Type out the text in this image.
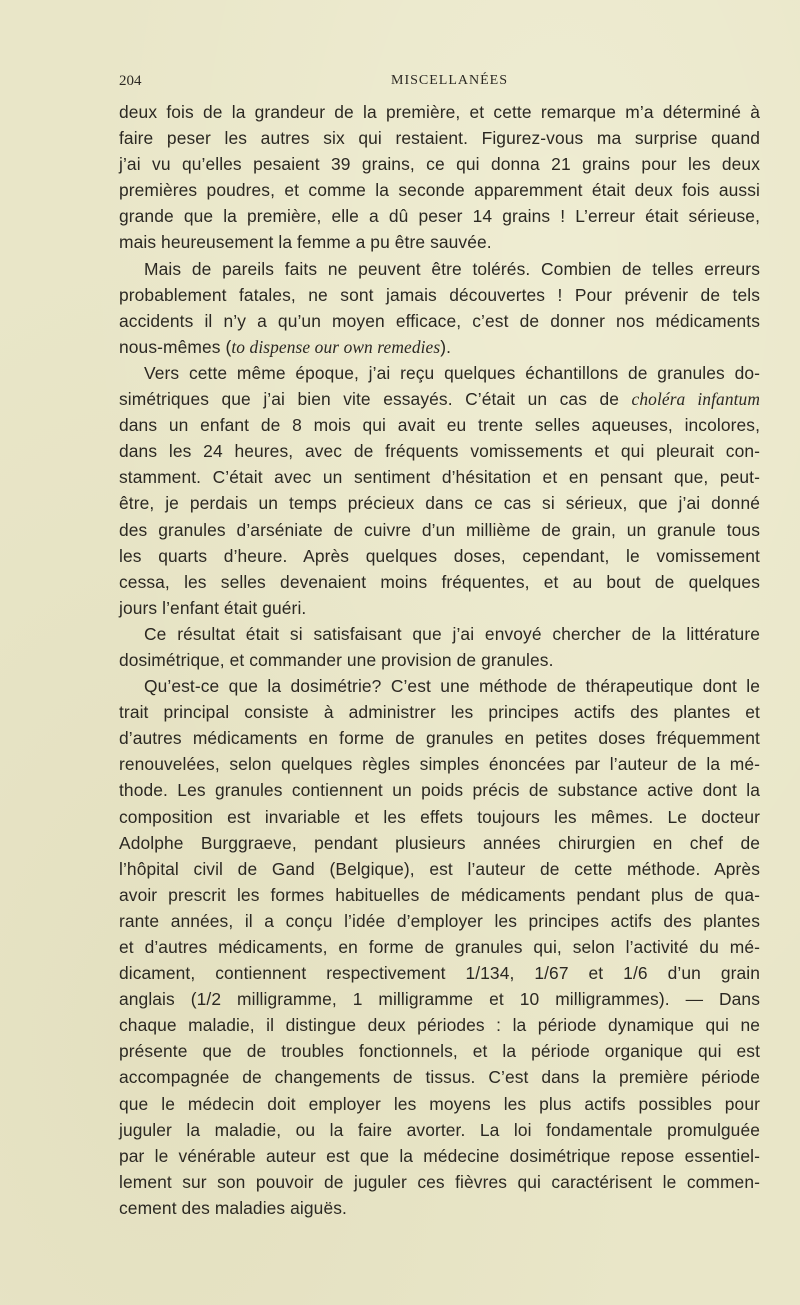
204	MISCELLANÉES
deux fois de la grandeur de la première, et cette remarque m’a déterminé à
faire peser les autres six qui restaient. Figurez-vous ma surprise quand
j’ai vu qu’elles pesaient 39 grains, ce qui donna 21 grains pour les deux
premières poudres, et comme la seconde apparemment était deux fois aussi
grande que la première, elle a dû peser 14 grains ! L’erreur était sérieuse,
mais heureusement la femme a pu être sauvée.
Mais de pareils faits ne peuvent être tolérés. Combien de telles erreurs
probablement fatales, ne sont jamais découvertes ! Pour prévenir de tels
accidents il n’y a qu’un moyen efficace, c’est de donner nos médicaments
nous-mêmes (to dispense our own remedies).
Vers cette même époque, j’ai reçu quelques échantillons de granules do-
simétriques que j’ai bien vite essayés. C’était un cas de choléra infantum
dans un enfant de 8 mois qui avait eu trente selles aqueuses, incolores,
dans les 24 heures, avec de fréquents vomissements et qui pleurait con-
stamment. C’était avec un sentiment d’hésitation et en pensant que, peut-
être, je perdais un temps précieux dans ce cas si sérieux, que j’ai donné
des granules d’arséniate de cuivre d’un millième de grain, un granule tous
les quarts d’heure. Après quelques doses, cependant, le vomissement
cessa, les selles devenaient moins fréquentes, et au bout de quelques
jours l’enfant était guéri.
Ce résultat était si satisfaisant que j’ai envoyé chercher de la littérature
dosimétrique, et commander une provision de granules.
Qu’est-ce que la dosimétrie? C’est une méthode de thérapeutique dont le
trait principal consiste à administrer les principes actifs des plantes et
d’autres médicaments en forme de granules en petites doses fréquemment
renouvelées, selon quelques règles simples énoncées par l’auteur de la mé-
thode. Les granules contiennent un poids précis de substance active dont la
composition est invariable et les effets toujours les mêmes. Le docteur
Adolphe Burggraeve, pendant plusieurs années chirurgien en chef de
l’hôpital civil de Gand (Belgique), est l’auteur de cette méthode. Après
avoir prescrit les formes habituelles de médicaments pendant plus de qua-
rante années, il a conçu l’idée d’employer les principes actifs des plantes
et d’autres médicaments, en forme de granules qui, selon l’activité du mé-
dicament, contiennent respectivement 1/134, 1/67 et 1/6 d’un grain
anglais (1/2 milligramme, 1 milligramme et 10 milligrammes). — Dans
chaque maladie, il distingue deux périodes : la période dynamique qui ne
présente que de troubles fonctionnels, et la période organique qui est
accompagnée de changements de tissus. C’est dans la première période
que le médecin doit employer les moyens les plus actifs possibles pour
juguler la maladie, ou la faire avorter. La loi fondamentale promulguée
par le vénérable auteur est que la médecine dosimétrique repose essentiel-
lement sur son pouvoir de juguler ces fièvres qui caractérisent le commen-
cement des maladies aiguës.
